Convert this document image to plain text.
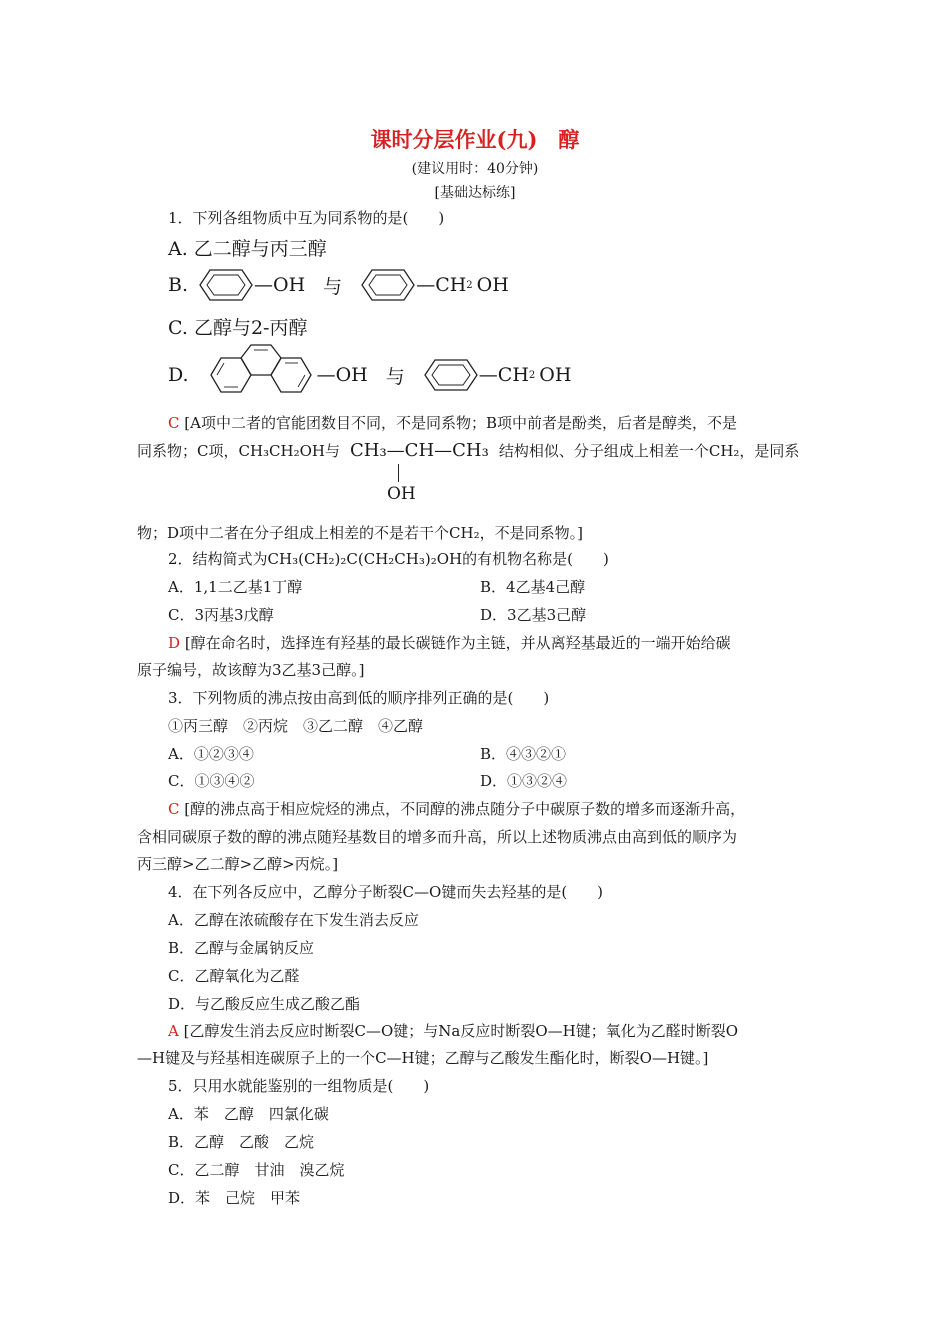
课时分层作业(九)　醇
(建议用时：40分钟)
[基础达标练]
1．下列各组物质中互为同系物的是(　　)
A. 乙二醇与丙三醇
B.	—OH 与	—CH 2 OH
C. 乙醇与2-丙醇
D.	—OH 与	—CH 2 OH
C [A项中二者的官能团数目不同，不是同系物；B项中前者是酚类，后者是醇类，不是
同系物；C项，CH₃CH₂OH与 CH₃—CH—CH₃ 结构相似、分子组成上相差一个CH₂，是同系
OH
物；D项中二者在分子组成上相差的不是若干个CH₂，不是同系物。]
2．结构简式为CH₃(CH₂)₂C(CH₂CH₃)₂OH的有机物名称是(　　)
A．1,1二乙基1丁醇	B．4乙基4己醇
C．3丙基3戊醇	D．3乙基3己醇
D [醇在命名时，选择连有羟基的最长碳链作为主链，并从离羟基最近的一端开始给碳
原子编号，故该醇为3乙基3己醇。]
3．下列物质的沸点按由高到低的顺序排列正确的是(　　)
①丙三醇　②丙烷　③乙二醇　④乙醇
A．①②③④	B．④③②①
C．①③④②	D．①③②④
C [醇的沸点高于相应烷烃的沸点，不同醇的沸点随分子中碳原子数的增多而逐渐升高，
含相同碳原子数的醇的沸点随羟基数目的增多而升高，所以上述物质沸点由高到低的顺序为
丙三醇>乙二醇>乙醇>丙烷。]
4．在下列各反应中，乙醇分子断裂C—O键而失去羟基的是(　　)
A．乙醇在浓硫酸存在下发生消去反应
B．乙醇与金属钠反应
C．乙醇氧化为乙醛
D．与乙酸反应生成乙酸乙酯
A [乙醇发生消去反应时断裂C—O键；与Na反应时断裂O—H键；氧化为乙醛时断裂O
—H键及与羟基相连碳原子上的一个C—H键；乙醇与乙酸发生酯化时，断裂O—H键。]
5．只用水就能鉴别的一组物质是(　　)
A．苯　乙醇　四氯化碳
B．乙醇　乙酸　乙烷
C．乙二醇　甘油　溴乙烷
D．苯　己烷　甲苯
